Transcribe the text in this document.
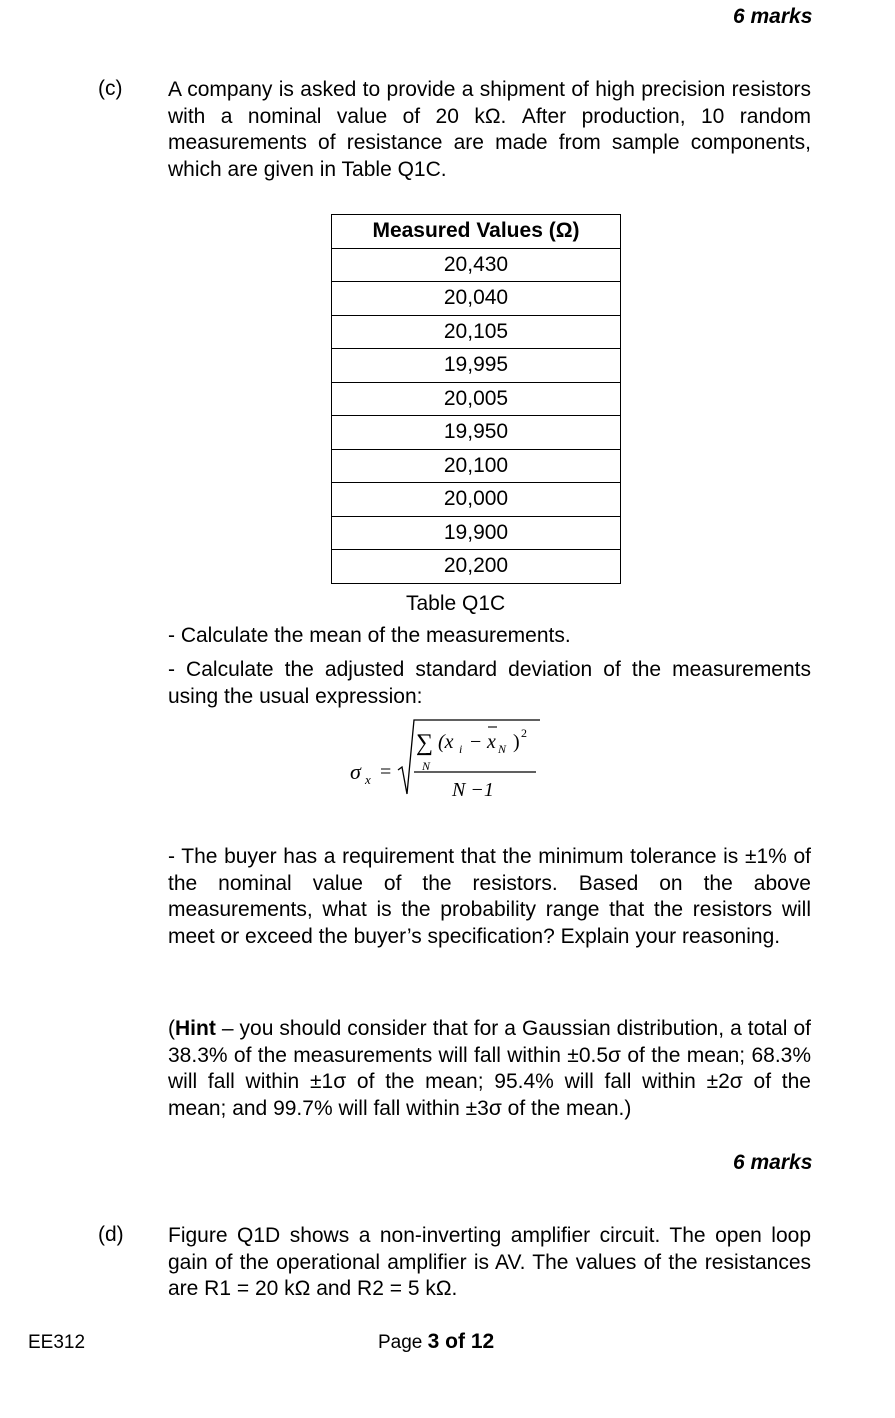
6 marks
(c) A company is asked to provide a shipment of high precision resistors with a nominal value of 20 kΩ. After production, 10 random measurements of resistance are made from sample components, which are given in Table Q1C.
Measured Values (Ω)
20,430
20,040
20,105
19,995
20,005
19,950
20,100
20,000
19,900
20,200
Table Q1C
- Calculate the mean of the measurements.
- Calculate the adjusted standard deviation of the measurements using the usual expression:
σ x =
∑
N
(x i − x N ) 2
N −1
- The buyer has a requirement that the minimum tolerance is ±1% of the nominal value of the resistors. Based on the above measurements, what is the probability range that the resistors will meet or exceed the buyer’s specification? Explain your reasoning.
(Hint – you should consider that for a Gaussian distribution, a total of 38.3% of the measurements will fall within ±0.5σ of the mean; 68.3% will fall within ±1σ of the mean; 95.4% will fall within ±2σ of the mean; and 99.7% will fall within ±3σ of the mean.)
6 marks
(d) Figure Q1D shows a non-inverting amplifier circuit. The open loop gain of the operational amplifier is AV. The values of the resistances are R1 = 20 kΩ and R2 = 5 kΩ.
EE312	Page 3 of 12
